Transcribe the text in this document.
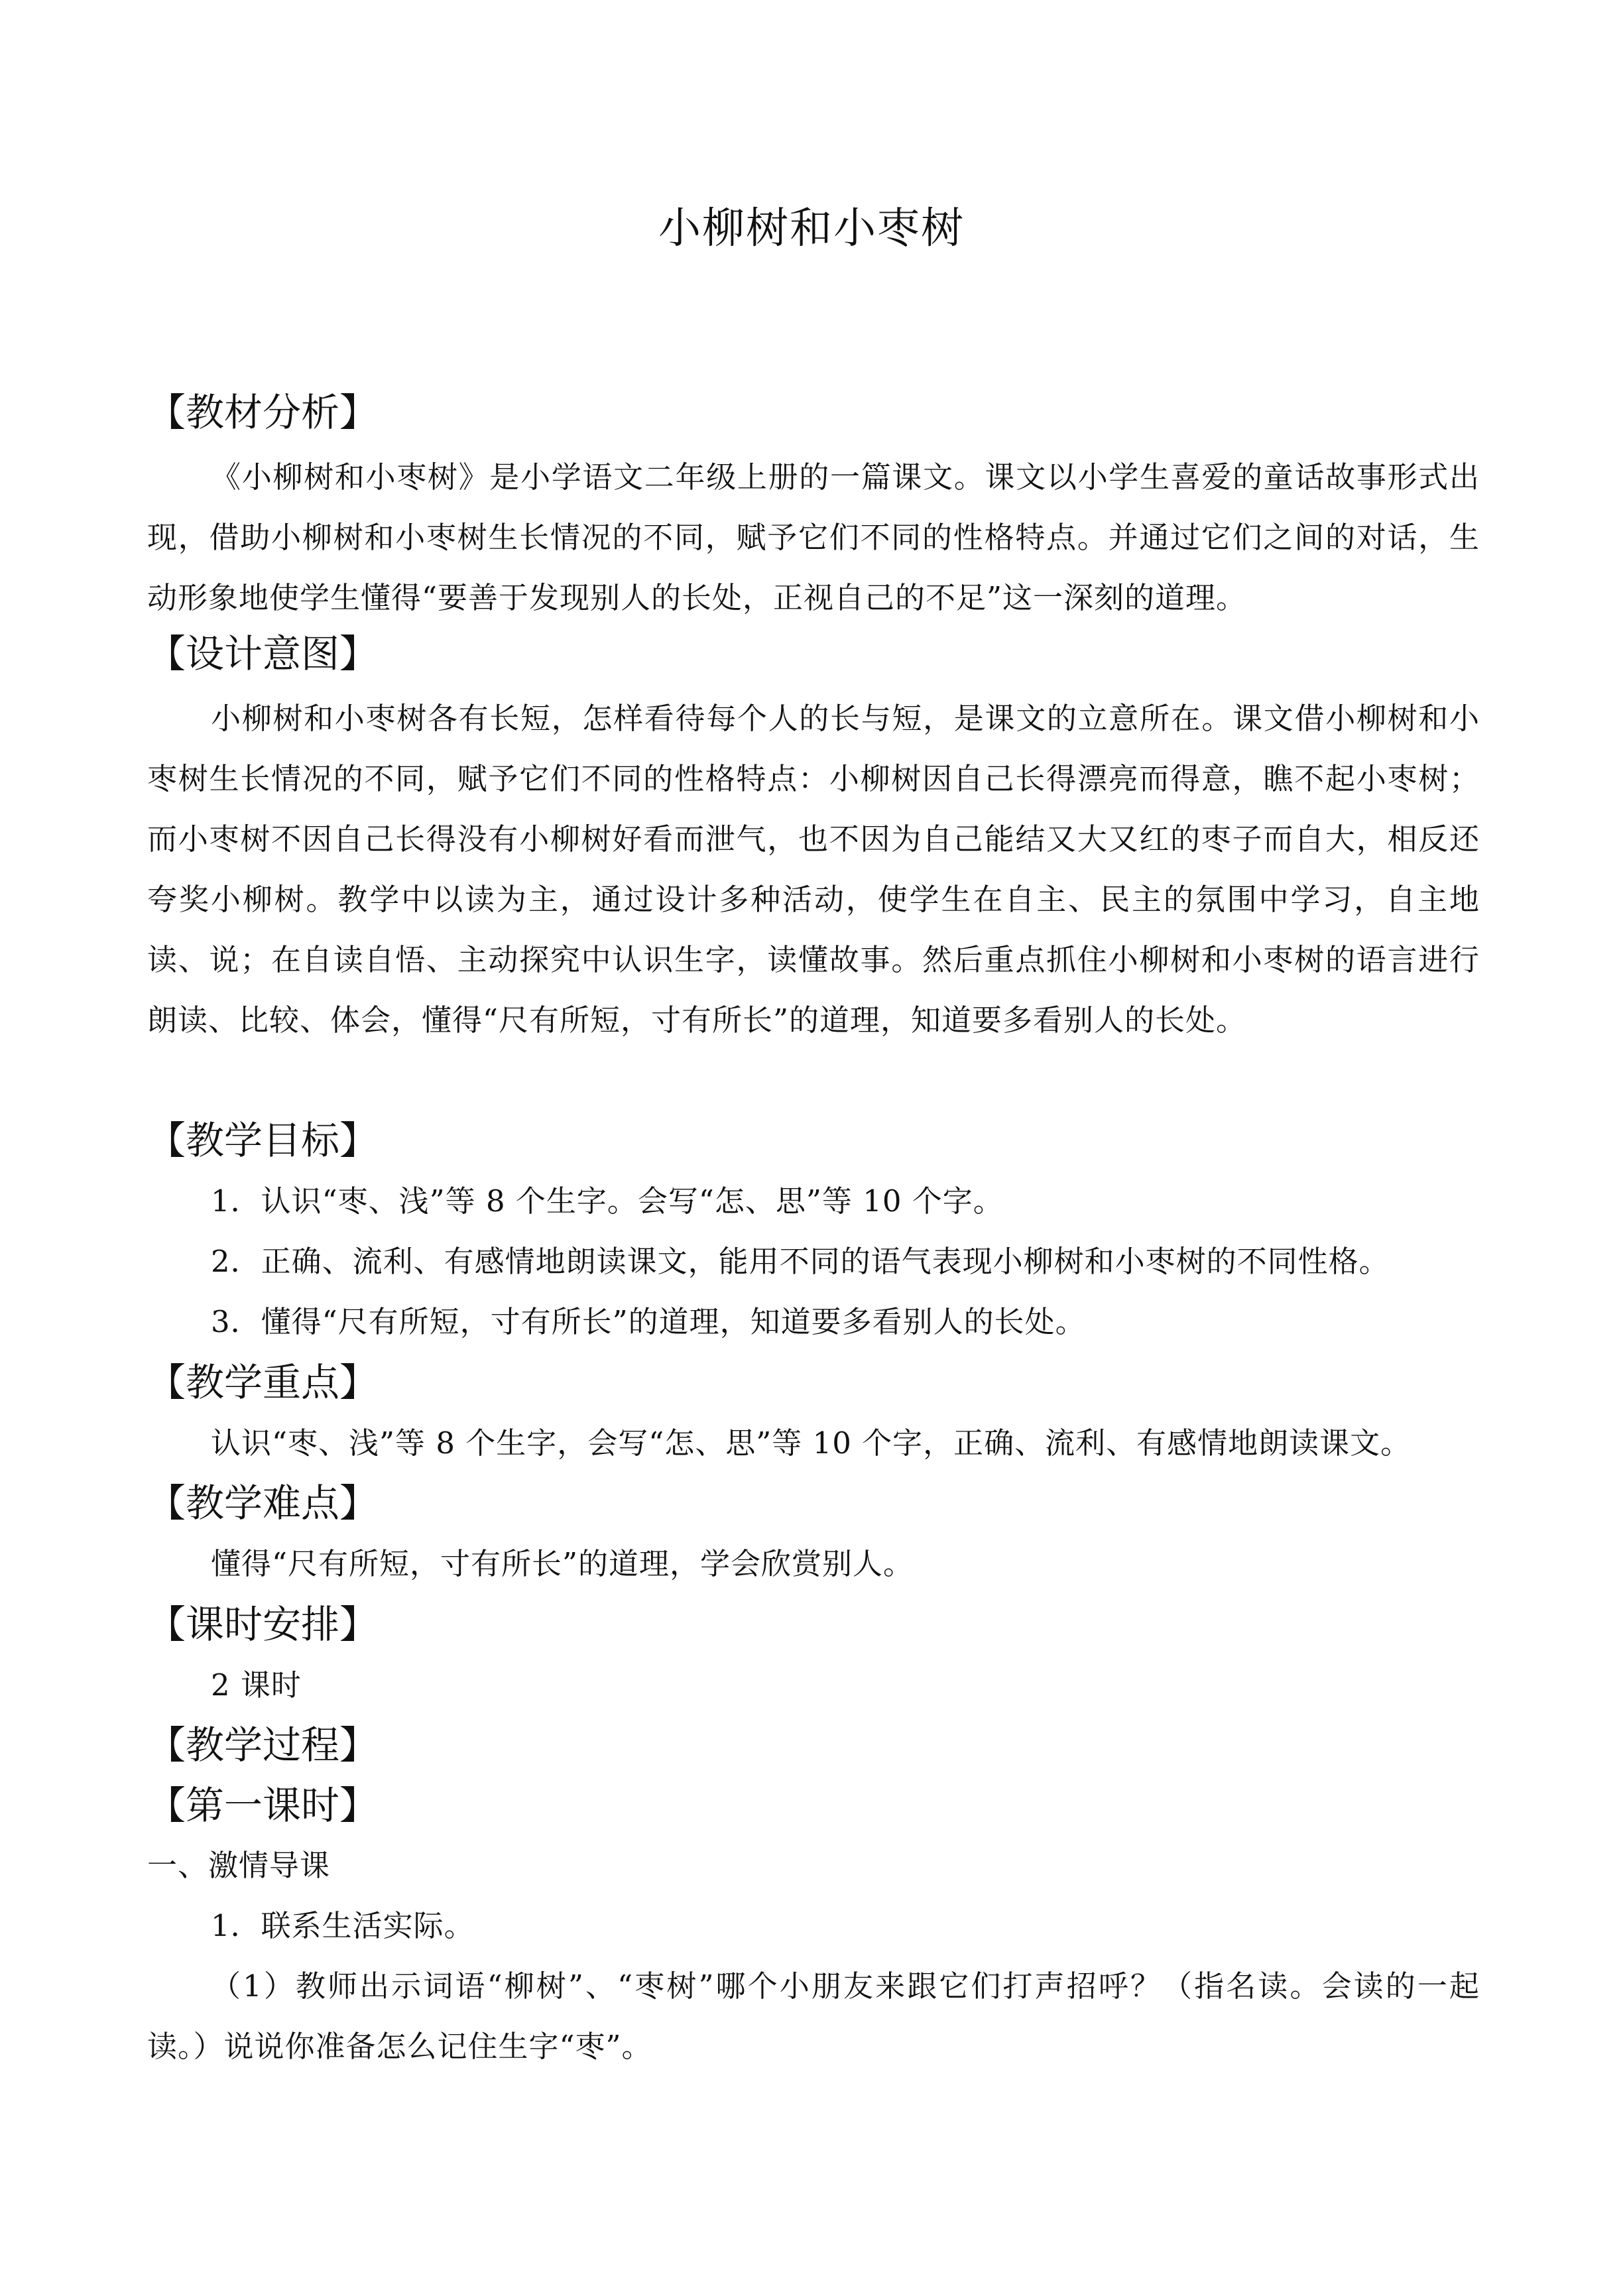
小柳树和小枣树
【教材分析】

《小柳树和小枣树》是小学语文二年级上册的一篇课文。课文以小学生喜爱的童话故事形式出现，借助小柳树和小枣树生长情况的不同，赋予它们不同的性格特点。并通过它们之间的对话，生动形象地使学生懂得“要善于发现别人的长处，正视自己的不足”这一深刻的道理。

【设计意图】

小柳树和小枣树各有长短，怎样看待每个人的长与短，是课文的立意所在。课文借小柳树和小枣树生长情况的不同，赋予它们不同的性格特点：小柳树因自己长得漂亮而得意，瞧不起小枣树；而小枣树不因自己长得没有小柳树好看而泄气，也不因为自己能结又大又红的枣子而自大，相反还夸奖小柳树。教学中以读为主，通过设计多种活动，使学生在自主、民主的氛围中学习，自主地读、说；在自读自悟、主动探究中认识生字，读懂故事。然后重点抓住小柳树和小枣树的语言进行朗读、比较、体会，懂得“尺有所短，寸有所长”的道理，知道要多看别人的长处。

【教学目标】
1．认识“枣、浅”等 8 个生字。会写“怎、思”等 10 个字。
2．正确、流利、有感情地朗读课文，能用不同的语气表现小柳树和小枣树的不同性格。
3．懂得“尺有所短，寸有所长”的道理，知道要多看别人的长处。
【教学重点】
认识“枣、浅”等 8 个生字，会写“怎、思”等 10 个字，正确、流利、有感情地朗读课文。
【教学难点】
懂得“尺有所短，寸有所长”的道理，学会欣赏别人。
【课时安排】
2 课时
【教学过程】
【第一课时】
一、激情导课
1．联系生活实际。

（1）教师出示词语“柳树”、“枣树”哪个小朋友来跟它们打声招呼？（指名读。会读的一起读。）说说你准备怎么记住生字“枣”。
